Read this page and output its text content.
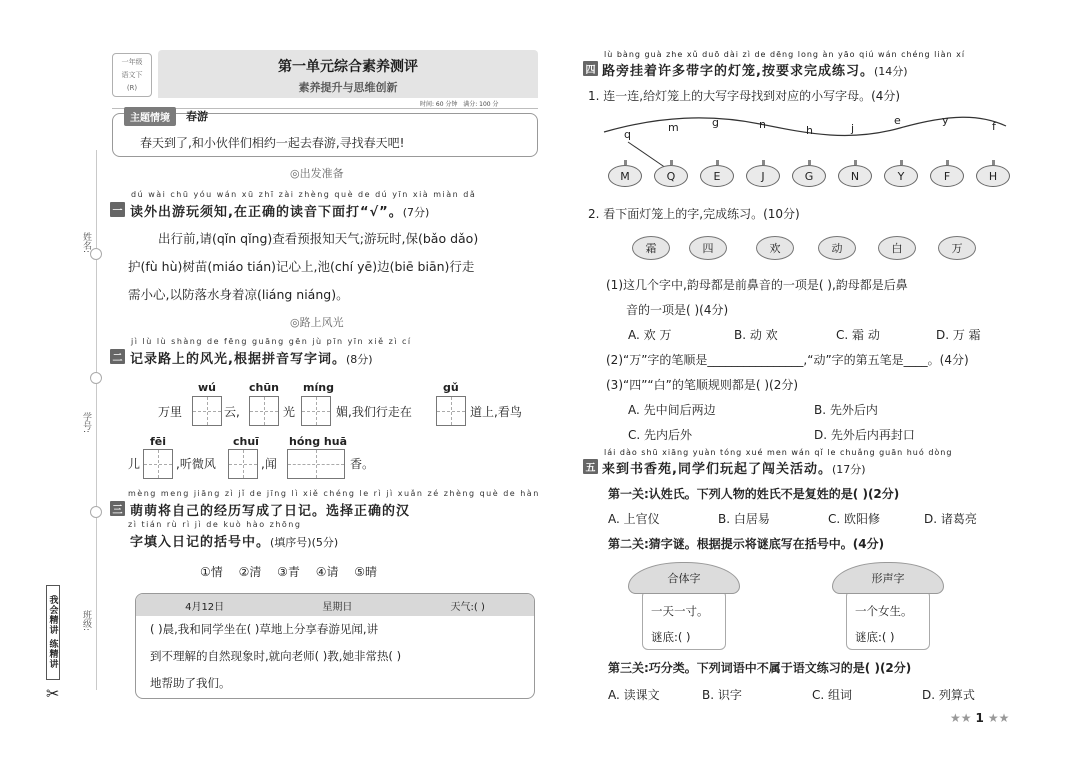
姓名:
学号:
班级:
我会精讲 练精讲
✂
一年级
语文下
(R)
第一单元综合素养测评
素养提升与思维创新
时间: 60 分钟 满分: 100 分
主题情境	春游
春天到了,和小伙伴们相约一起去春游,寻找春天吧!
◎出发准备
dú wài chū yóu wán xū zhī zài zhèng què de dú yīn xià miàn dǎ
一 读外出游玩须知,在正确的读音下面打“√”。(7分)
出行前,请(qǐn qǐng)查看预报知天气;游玩时,保(bǎo dǎo)
护(fù hù)树苗(miáo tián)记心上,池(chí yē)边(biē biān)行走
需小心,以防落水身着凉(liáng niáng)。
◎路上风光
jì lù lù shàng de fēng guāng gēn jù pīn yīn xiě zì cí
二 记录路上的风光,根据拼音写字词。(8分)
wú	chūn míng	gǔ
万里	云,	光	媚,我们行走在	道上,看鸟
fēi	chuī	hóng huā
儿	,听微风	,闻	香。
mèng meng jiāng zì jǐ de jīng lì xiě chéng le rì jì xuǎn zé zhèng què de hàn
三 萌萌将自己的经历写成了日记。选择正确的汉
zì tián rù rì jì de kuò hào zhōng
字填入日记的括号中。(填序号)(5分)
①情 ②清 ③青 ④请 ⑤晴
4月12日	星期日	天气:( )
( )晨,我和同学坐在( )草地上分享春游见闻,讲
到不理解的自然现象时,就向老师( )教,她非常热( )
地帮助了我们。
lù bàng guà zhe xǔ duō dài zì de dēng long àn yāo qiú wán chéng liàn xí
四 路旁挂着许多带字的灯笼,按要求完成练习。(14分)
1. 连一连,给灯笼上的大写字母找到对应的小写字母。(4分)
q
m	g	n	h	j
e	y	f
M	Q	E	J	G	N	Y	F	H
2. 看下面灯笼上的字,完成练习。(10分)
霜	四	欢	动	白	万
(1)这几个字中,韵母都是前鼻音的一项是( ),韵母都是后鼻
音的一项是( )(4分)
A. 欢 万	B. 动 欢	C. 霜 动	D. 万 霜
(2)“万”字的笔顺是________________,“动”字的第五笔是____。(4分)
(3)“四”“白”的笔顺规则都是( )(2分)
A. 先中间后两边	B. 先外后内
C. 先内后外	D. 先外后内再封口
lái dào shū xiāng yuàn tóng xué men wán qǐ le chuǎng guān huó dòng
五 来到书香苑,同学们玩起了闯关活动。(17分)
第一关:认姓氏。下列人物的姓氏不是复姓的是( )(2分)
A. 上官仪	B. 白居易	C. 欧阳修	D. 诸葛亮
第二关:猜字谜。根据提示将谜底写在括号中。(4分)
一天一寸。
谜底:( )
合体字
一个女生。
谜底:( )
形声字
第三关:巧分类。下列词语中不属于语文练习的是( )(2分)
A. 读课文	B. 识字	C. 组词	D. 列算式
★★ 1 ★★
